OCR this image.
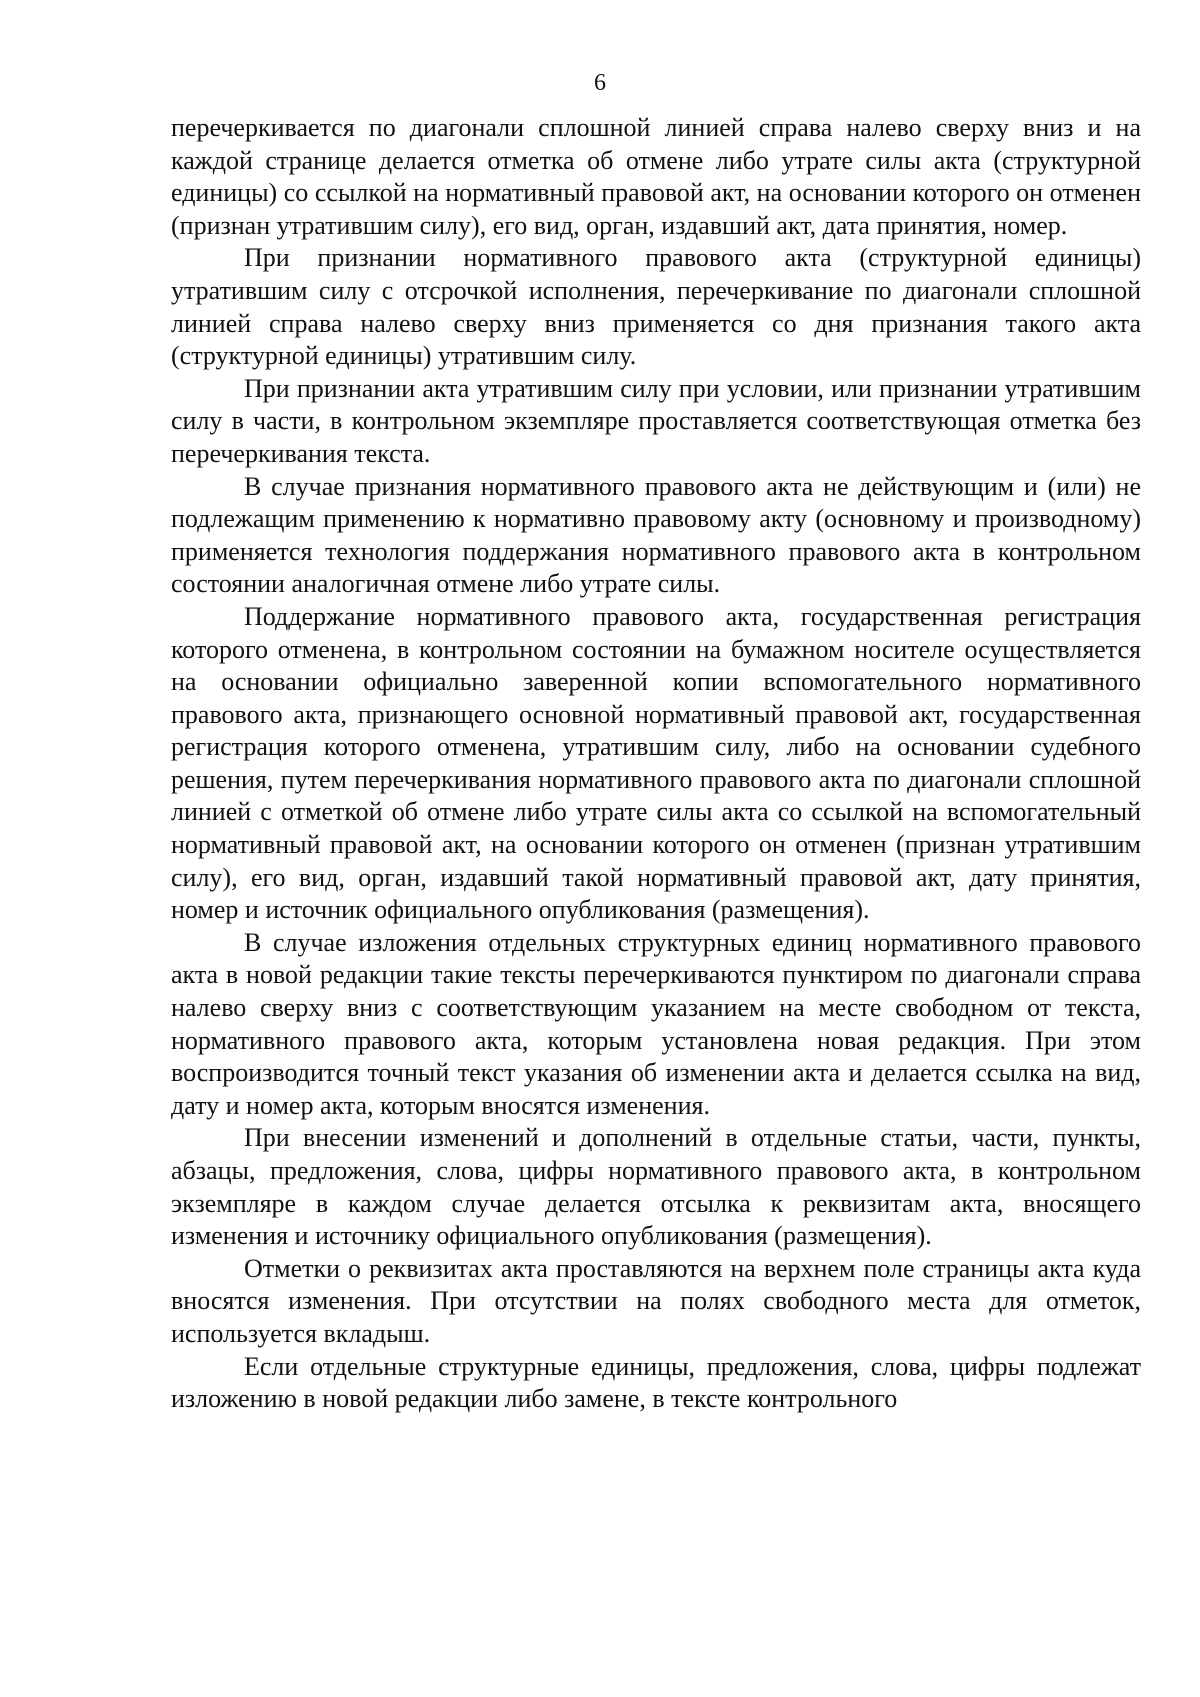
6

перечеркивается по диагонали сплошной линией справа налево сверху вниз и на каждой странице делается отметка об отмене либо утрате силы акта (структурной единицы) со ссылкой на нормативный правовой акт, на основании которого он отменен (признан утратившим силу), его вид, орган, издавший акт, дата принятия, номер.

При признании нормативного правового акта (структурной единицы) утратившим силу с отсрочкой исполнения, перечеркивание по диагонали сплошной линией справа налево сверху вниз применяется со дня признания такого акта (структурной единицы) утратившим силу.

При признании акта утратившим силу при условии, или признании утратившим силу в части, в контрольном экземпляре проставляется соответствующая отметка без перечеркивания текста.

В случае признания нормативного правового акта не действующим и (или) не подлежащим применению к нормативно правовому акту (основному и производному) применяется технология поддержания нормативного правового акта в контрольном состоянии аналогичная отмене либо утрате силы.

Поддержание нормативного правового акта, государственная регистрация которого отменена, в контрольном состоянии на бумажном носителе осуществляется на основании официально заверенной копии вспомогательного нормативного правового акта, признающего основной нормативный правовой акт, государственная регистрация которого отменена, утратившим силу, либо на основании судебного решения, путем перечеркивания нормативного правового акта по диагонали сплошной линией с отметкой об отмене либо утрате силы акта со ссылкой на вспомогательный нормативный правовой акт, на основании которого он отменен (признан утратившим силу), его вид, орган, издавший такой нормативный правовой акт, дату принятия, номер и источник официального опубликования (размещения).

В случае изложения отдельных структурных единиц нормативного правового акта в новой редакции такие тексты перечеркиваются пунктиром по диагонали справа налево сверху вниз с соответствующим указанием на месте свободном от текста, нормативного правового акта, которым установлена новая редакция. При этом воспроизводится точный текст указания об изменении акта и делается ссылка на вид, дату и номер акта, которым вносятся изменения.

При внесении изменений и дополнений в отдельные статьи, части, пункты, абзацы, предложения, слова, цифры нормативного правового акта, в контрольном экземпляре в каждом случае делается отсылка к реквизитам акта, вносящего изменения и источнику официального опубликования (размещения).

Отметки о реквизитах акта проставляются на верхнем поле страницы акта куда вносятся изменения. При отсутствии на полях свободного места для отметок, используется вкладыш.

Если отдельные структурные единицы, предложения, слова, цифры подлежат изложению в новой редакции либо замене, в тексте контрольного
